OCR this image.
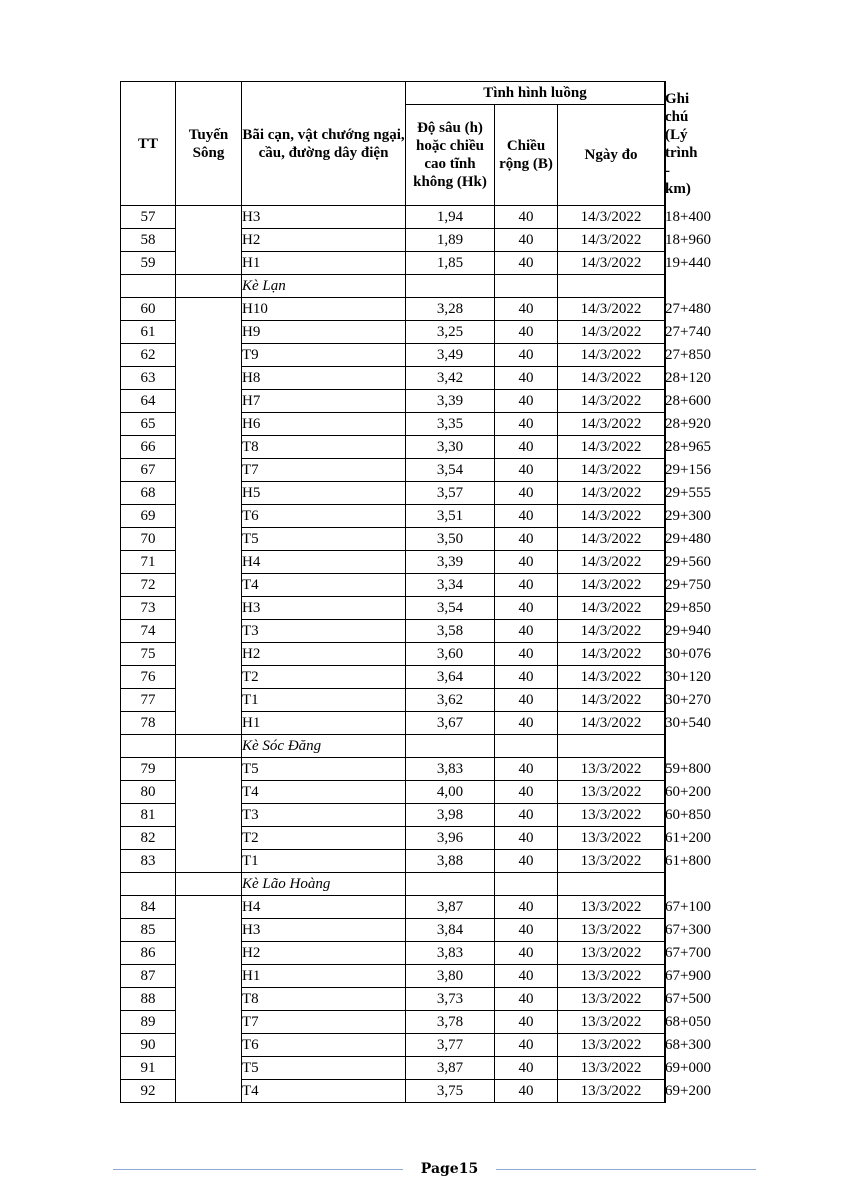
TT	Tuyến Sông	Bãi cạn, vật chướng ngại, cầu, đường dây điện	Tình hình luồng			Ghi chú (Lý trình - km)
			Độ sâu (h) hoặc chiều cao tĩnh không (Hk)	Chiều rộng (B)	Ngày đo	
57		H3	1,94	40	14/3/2022	18+400
58		H2	1,89	40	14/3/2022	18+960
59		H1	1,85	40	14/3/2022	19+440
		Kè Lạn				
60		H10	3,28	40	14/3/2022	27+480
61		H9	3,25	40	14/3/2022	27+740
62		T9	3,49	40	14/3/2022	27+850
63		H8	3,42	40	14/3/2022	28+120
64		H7	3,39	40	14/3/2022	28+600
65		H6	3,35	40	14/3/2022	28+920
66		T8	3,30	40	14/3/2022	28+965
67		T7	3,54	40	14/3/2022	29+156
68		H5	3,57	40	14/3/2022	29+555
69		T6	3,51	40	14/3/2022	29+300
70		T5	3,50	40	14/3/2022	29+480
71		H4	3,39	40	14/3/2022	29+560
72		T4	3,34	40	14/3/2022	29+750
73		H3	3,54	40	14/3/2022	29+850
74		T3	3,58	40	14/3/2022	29+940
75		H2	3,60	40	14/3/2022	30+076
76		T2	3,64	40	14/3/2022	30+120
77		T1	3,62	40	14/3/2022	30+270
78		H1	3,67	40	14/3/2022	30+540
		Kè Sóc Đăng				
79		T5	3,83	40	13/3/2022	59+800
80		T4	4,00	40	13/3/2022	60+200
81		T3	3,98	40	13/3/2022	60+850
82		T2	3,96	40	13/3/2022	61+200
83		T1	3,88	40	13/3/2022	61+800
		Kè Lão Hoàng				
84		H4	3,87	40	13/3/2022	67+100
85		H3	3,84	40	13/3/2022	67+300
86		H2	3,83	40	13/3/2022	67+700
87		H1	3,80	40	13/3/2022	67+900
88		T8	3,73	40	13/3/2022	67+500
89		T7	3,78	40	13/3/2022	68+050
90		T6	3,77	40	13/3/2022	68+300
91		T5	3,87	40	13/3/2022	69+000
92		T4	3,75	40	13/3/2022	69+200
Page15
